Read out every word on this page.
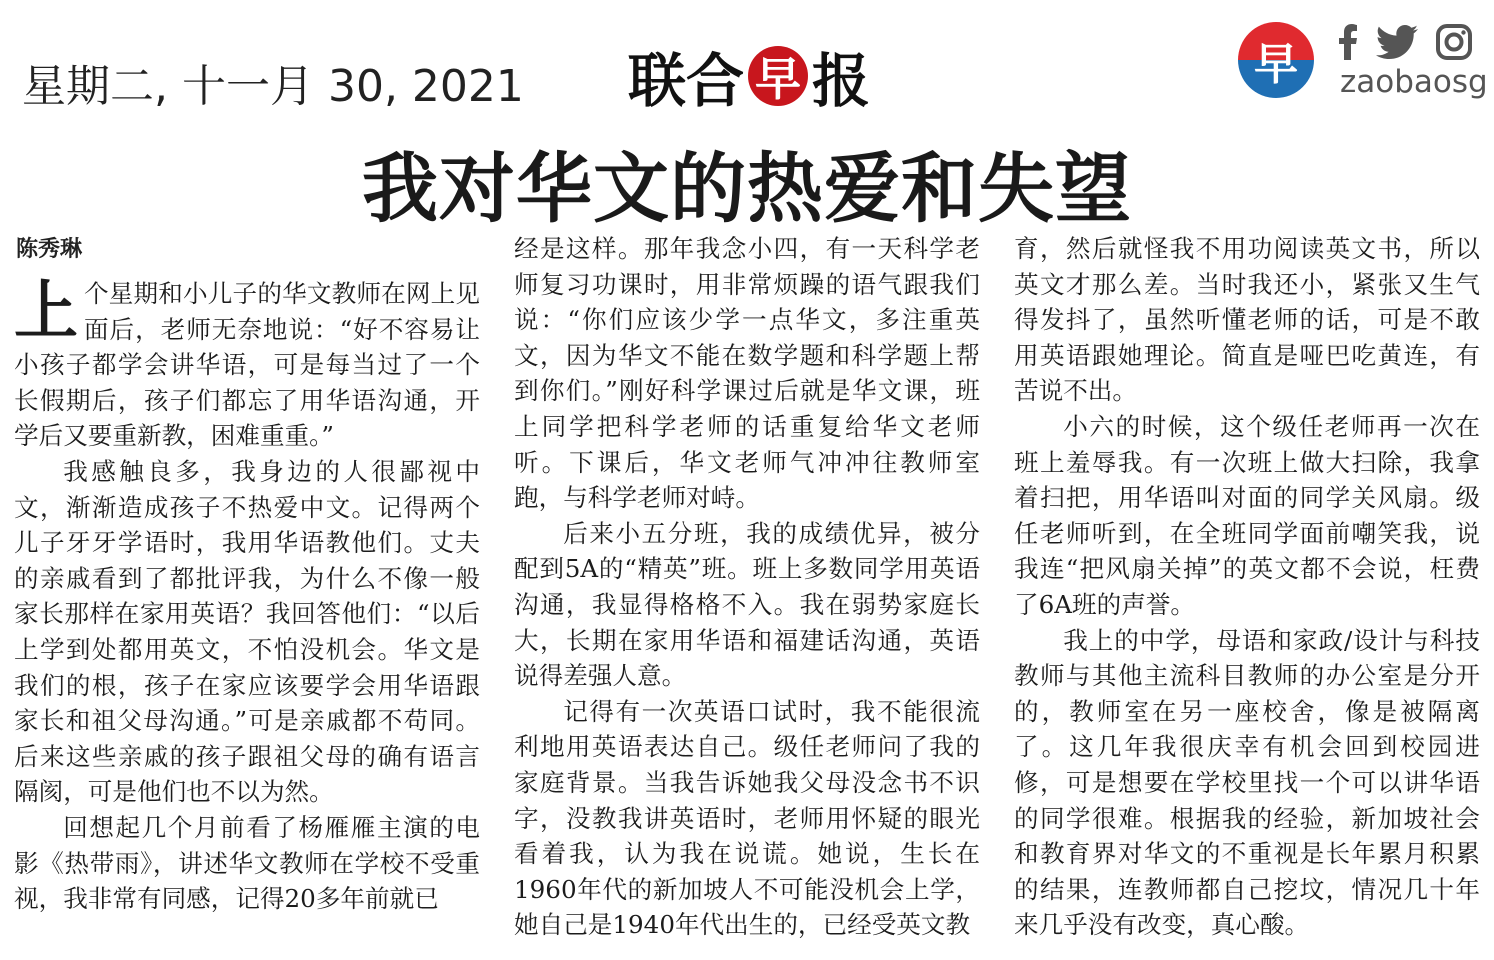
星期二, 十一月 30, 2021 联合 早 报	早	zaobaosg
我对华文的热爱和失望
陈秀琳

上个星期和小儿子的华文教师在网上见面后，老师无奈地说：“好不容易让小孩子都学会讲华语，可是每当过了一个长假期后，孩子们都忘了用华语沟通，开学后又要重新教，困难重重。”

我感触良多，我身边的人很鄙视中文，渐渐造成孩子不热爱中文。记得两个儿子牙牙学语时，我用华语教他们。丈夫的亲戚看到了都批评我，为什么不像一般家长那样在家用英语？我回答他们：“以后上学到处都用英文，不怕没机会。华文是我们的根，孩子在家应该要学会用华语跟家长和祖父母沟通。”可是亲戚都不苟同。后来这些亲戚的孩子跟祖父母的确有语言隔阂，可是他们也不以为然。

回想起几个月前看了杨雁雁主演的电影《热带雨》，讲述华文教师在学校不受重视，我非常有同感，记得20多年前就已

经是这样。那年我念小四，有一天科学老师复习功课时，用非常烦躁的语气跟我们说：“你们应该少学一点华文，多注重英文，因为华文不能在数学题和科学题上帮到你们。”刚好科学课过后就是华文课，班上同学把科学老师的话重复给华文老师听。下课后，华文老师气冲冲往教师室跑，与科学老师对峙。

后来小五分班，我的成绩优异，被分配到5A的“精英”班。班上多数同学用英语沟通，我显得格格不入。我在弱势家庭长大，长期在家用华语和福建话沟通，英语说得差强人意。

记得有一次英语口试时，我不能很流利地用英语表达自己。级任老师问了我的家庭背景。当我告诉她我父母没念书不识字，没教我讲英语时，老师用怀疑的眼光看着我，认为我在说谎。她说，生长在1960年代的新加坡人不可能没机会上学，她自己是1940年代出生的，已经受英文教

育，然后就怪我不用功阅读英文书，所以英文才那么差。当时我还小，紧张又生气得发抖了，虽然听懂老师的话，可是不敢用英语跟她理论。简直是哑巴吃黄连，有苦说不出。

小六的时候，这个级任老师再一次在班上羞辱我。有一次班上做大扫除，我拿着扫把，用华语叫对面的同学关风扇。级任老师听到，在全班同学面前嘲笑我，说我连“把风扇关掉”的英文都不会说，枉费了6A班的声誉。

我上的中学，母语和家政/设计与科技教师与其他主流科目教师的办公室是分开的，教师室在另一座校舍，像是被隔离了。这几年我很庆幸有机会回到校园进修，可是想要在学校里找一个可以讲华语的同学很难。根据我的经验，新加坡社会和教育界对华文的不重视是长年累月积累的结果，连教师都自己挖坟，情况几十年来几乎没有改变，真心酸。
